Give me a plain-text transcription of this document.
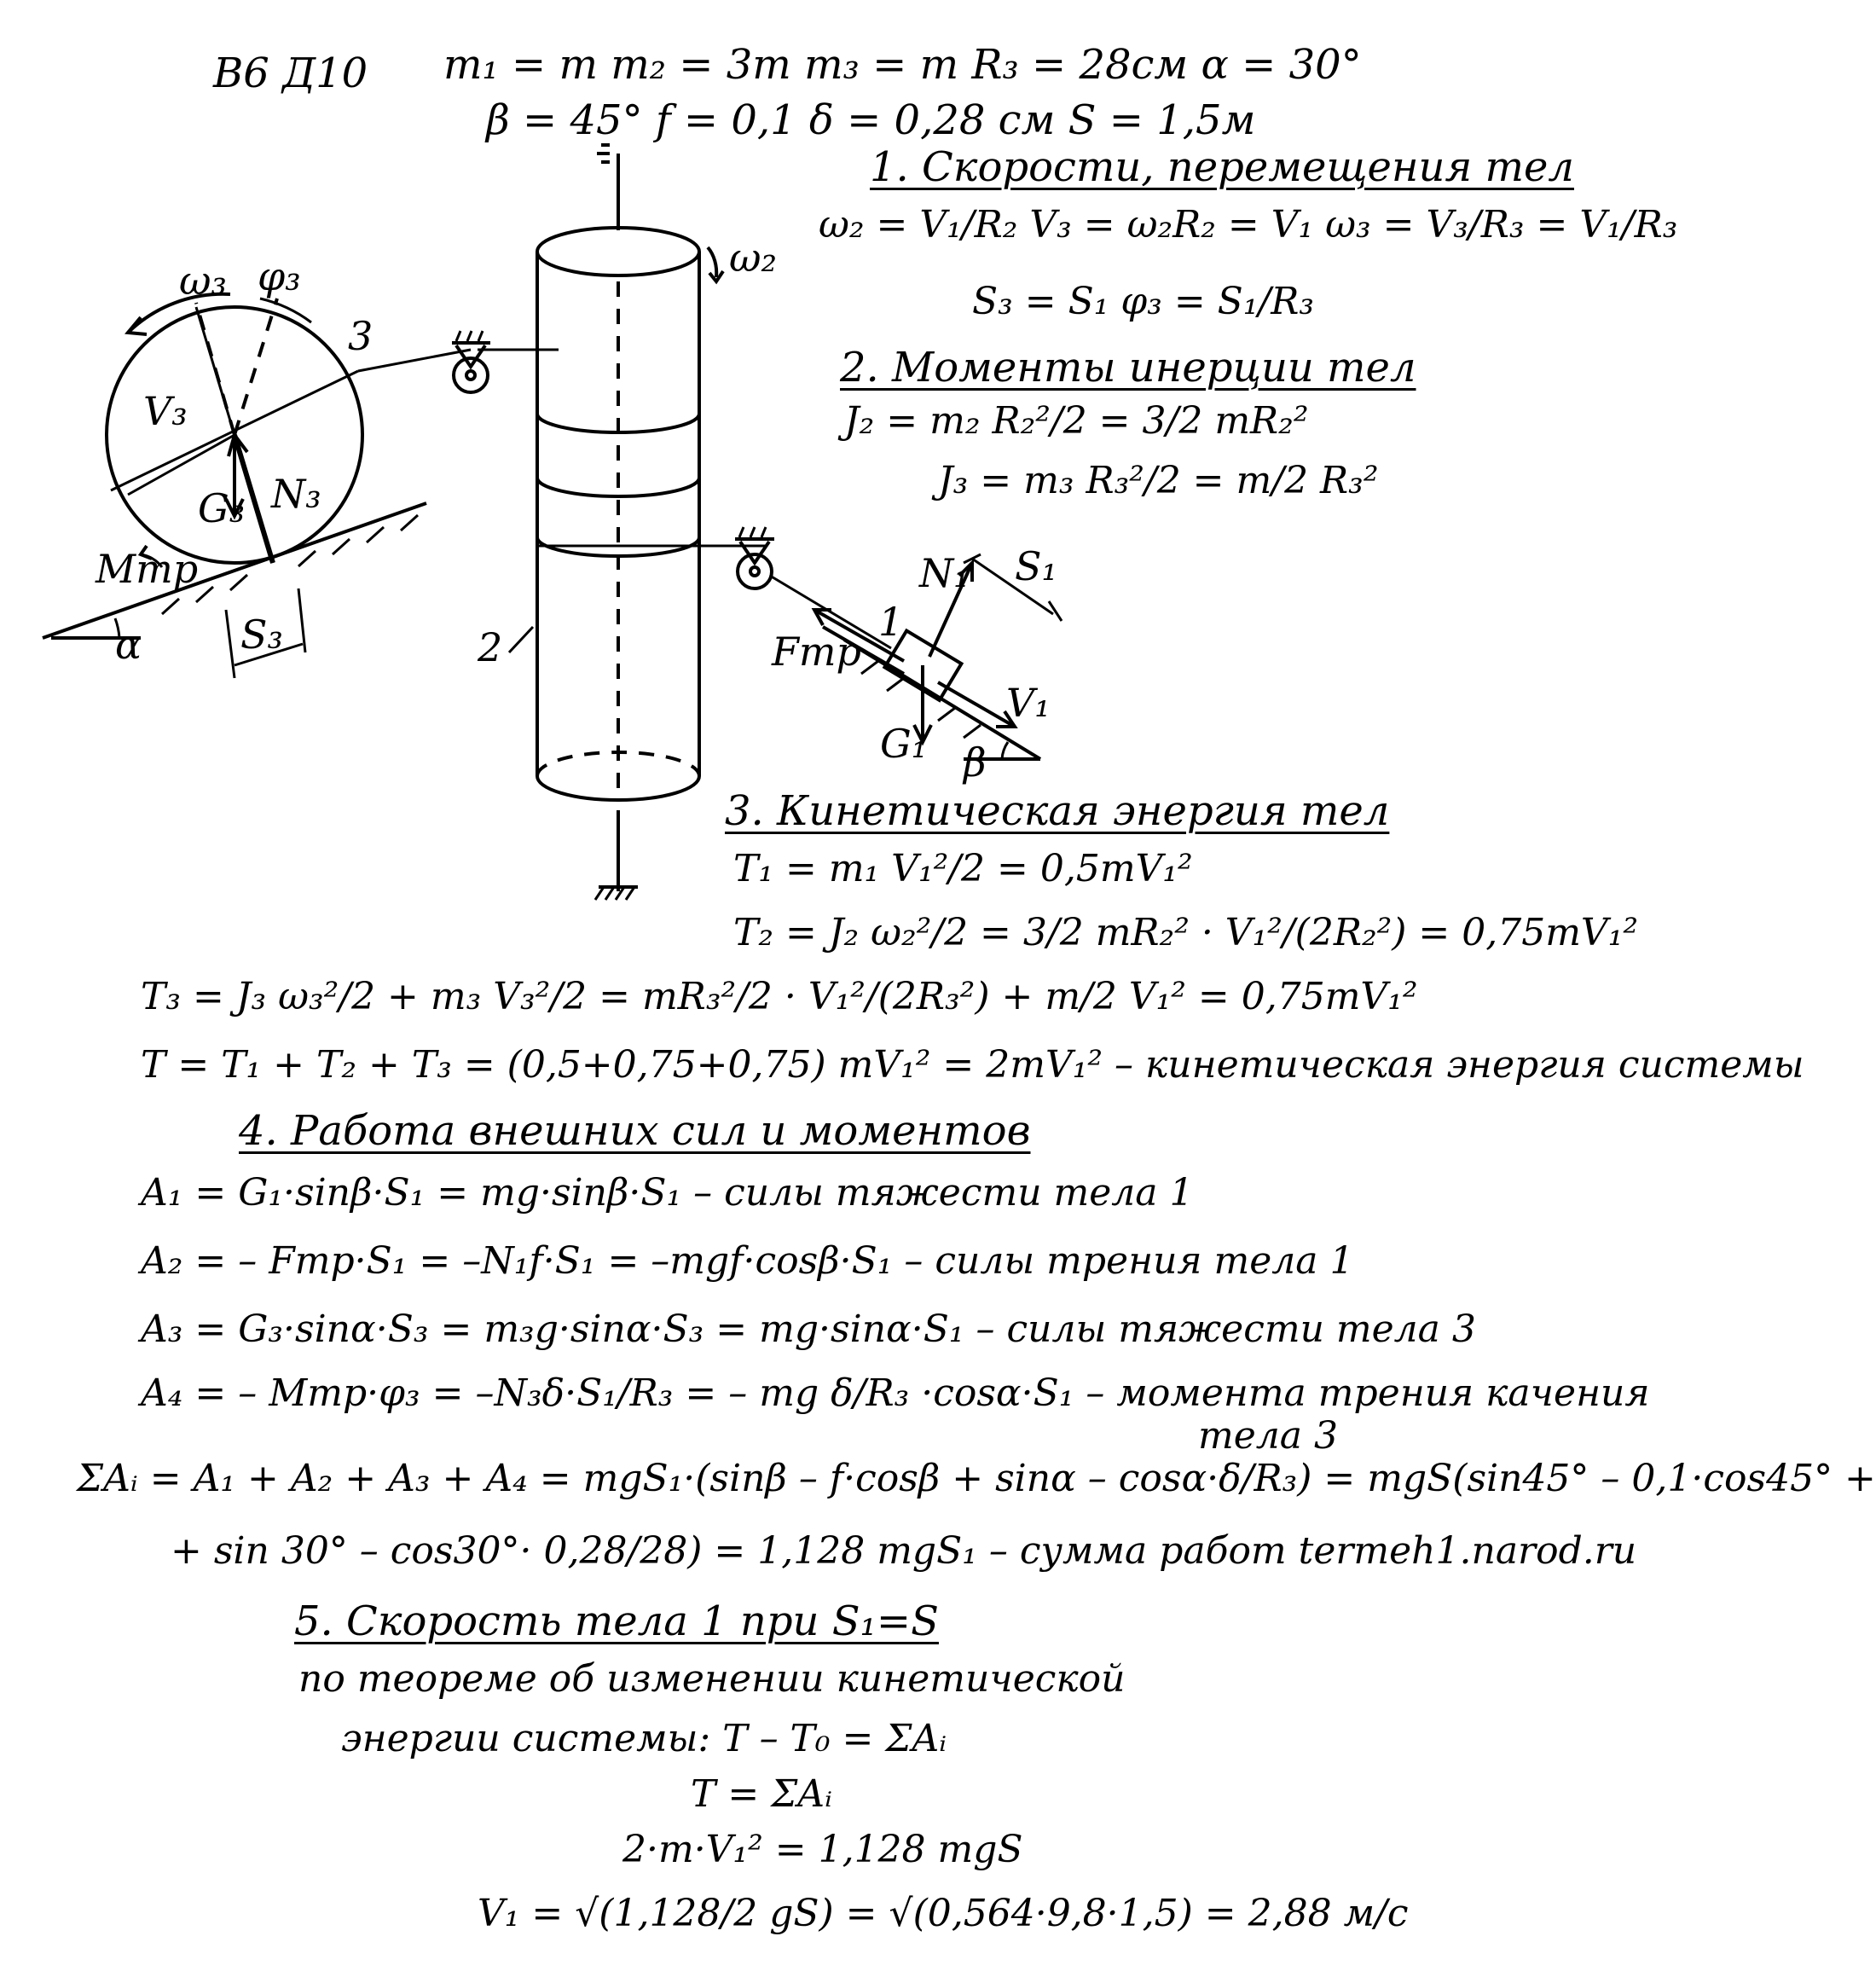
ω₃ φ₃
3
V₃
G₃ N₃
Mтр
α	S₃
ω₂
2
1
N₁ S₁
Fтр
V₁
G₁ β
В6 Д10 m₁ = m m₂ = 3m m₃ = m R₃ = 28см α = 30°
β = 45° f = 0,1 δ = 0,28 см S = 1,5м
1. Скорости, перемещения тел
ω₂ = V₁/R₂ V₃ = ω₂R₂ = V₁ ω₃ = V₃/R₃ = V₁/R₃
S₃ = S₁ φ₃ = S₁/R₃
2. Моменты инерции тел
J₂ = m₂ R₂²/2 = 3/2 mR₂²
J₃ = m₃ R₃²/2 = m/2 R₃²
3. Кинетическая энергия тел
T₁ = m₁ V₁²/2 = 0,5mV₁²
T₂ = J₂ ω₂²/2 = 3/2 mR₂² · V₁²/(2R₂²) = 0,75mV₁²
T₃ = J₃ ω₃²/2 + m₃ V₃²/2 = mR₃²/2 · V₁²/(2R₃²) + m/2 V₁² = 0,75mV₁²
T = T₁ + T₂ + T₃ = (0,5+0,75+0,75) mV₁² = 2mV₁² – кинетическая энергия системы
4. Работа внешних сил и моментов
A₁ = G₁·sinβ·S₁ = mg·sinβ·S₁ – силы тяжести тела 1
A₂ = – Fтр·S₁ = –N₁f·S₁ = –mgf·cosβ·S₁ – силы трения тела 1
A₃ = G₃·sinα·S₃ = m₃g·sinα·S₃ = mg·sinα·S₁ – силы тяжести тела 3
A₄ = – Mтр·φ₃ = –N₃δ·S₁/R₃ = – mg δ/R₃ ·cosα·S₁ – момента трения качения
тела 3
ΣAᵢ = A₁ + A₂ + A₃ + A₄ = mgS₁·(sinβ – f·cosβ + sinα – cosα·δ/R₃) = mgS(sin45° – 0,1·cos45° +
+ sin 30° – cos30°· 0,28/28) = 1,128 mgS₁ – сумма работ termeh1.narod.ru
5. Скорость тела 1 при S₁=S
по теореме об изменении кинетической
энергии системы: T – T₀ = ΣAᵢ
T = ΣAᵢ
2·m·V₁² = 1,128 mgS
V₁ = √(1,128/2 gS) = √(0,564·9,8·1,5) = 2,88 м/с
